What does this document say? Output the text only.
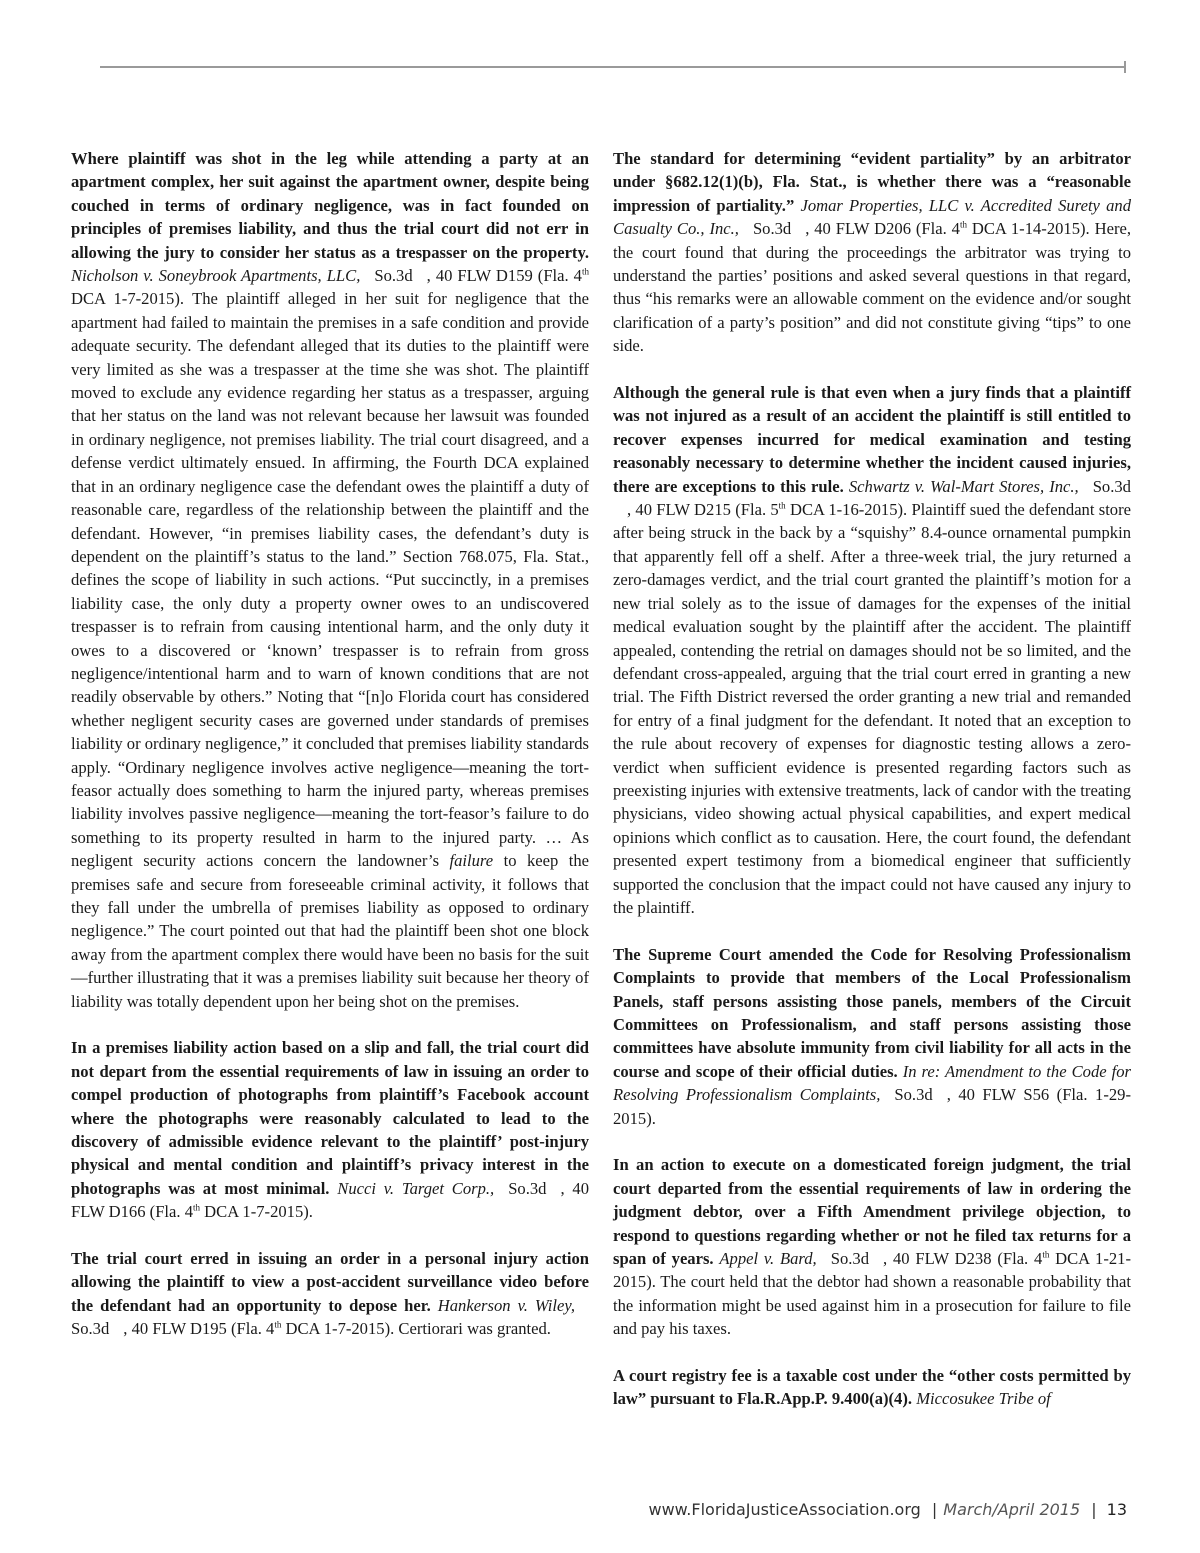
Where plaintiff was shot in the leg while attending a party at an apartment complex, her suit against the apartment owner, despite being couched in terms of ordinary negligence, was in fact founded on principles of premises liability, and thus the trial court did not err in allowing the jury to consider her status as a trespasser on the property. Nicholson v. Soneybrook Apartments, LLC, So.3d , 40 FLW D159 (Fla. 4th DCA 1-7-2015). The plaintiff alleged in her suit for negligence that the apartment had failed to maintain the premises in a safe condition and provide adequate security. The defendant alleged that its duties to the plaintiff were very limited as she was a trespasser at the time she was shot. The plaintiff moved to exclude any evidence regarding her status as a trespasser, arguing that her status on the land was not relevant because her lawsuit was founded in ordinary negligence, not premises liability. The trial court disagreed, and a defense verdict ultimately ensued. In affirming, the Fourth DCA explained that in an ordinary negligence case the defendant owes the plaintiff a duty of reasonable care, regardless of the relationship between the plaintiff and the defendant. However, “in premises liability cases, the defendant’s duty is dependent on the plaintiff’s status to the land.” Section 768.075, Fla. Stat., defines the scope of liability in such actions. “Put succinctly, in a premises liability case, the only duty a property owner owes to an undiscovered trespasser is to refrain from causing intentional harm, and the only duty it owes to a discovered or ‘known’ trespasser is to refrain from gross negligence/intentional harm and to warn of known conditions that are not readily observable by others.” Noting that “[n]o Florida court has considered whether negligent security cases are governed under standards of premises liability or ordinary negligence,” it concluded that premises liability standards apply. “Ordinary negligence involves active negligence—meaning the tort-feasor actually does something to harm the injured party, whereas premises liability involves passive negligence—meaning the tort-feasor’s failure to do something to its property resulted in harm to the injured party. … As negligent security actions concern the landowner’s failure to keep the premises safe and secure from foreseeable criminal activity, it follows that they fall under the umbrella of premises liability as opposed to ordinary negligence.” The court pointed out that had the plaintiff been shot one block away from the apartment complex there would have been no basis for the suit—further illustrating that it was a premises liability suit because her theory of liability was totally dependent upon her being shot on the premises.

In a premises liability action based on a slip and fall, the trial court did not depart from the essential requirements of law in issuing an order to compel production of photographs from plaintiff’s Facebook account where the photographs were reasonably calculated to lead to the discovery of admissible evidence relevant to the plaintiff’ post-injury physical and mental condition and plaintiff’s privacy interest in the photographs was at most minimal. Nucci v. Target Corp., So.3d , 40 FLW D166 (Fla. 4th DCA 1-7-2015).

The trial court erred in issuing an order in a personal injury action allowing the plaintiff to view a post-accident surveillance video before the defendant had an opportunity to depose her. Hankerson v. Wiley,So.3d , 40 FLW D195 (Fla. 4th DCA 1-7-2015). Certiorari was granted.

The standard for determining “evident partiality” by an arbitrator under §682.12(1)(b), Fla. Stat., is whether there was a “reasonable impression of partiality.” Jomar Properties, LLC v. Accredited Surety and Casualty Co., Inc., So.3d , 40 FLW D206 (Fla. 4th DCA 1-14-2015). Here, the court found that during the proceedings the arbitrator was trying to understand the parties’ positions and asked several questions in that regard, thus “his remarks were an allowable comment on the evidence and/or sought clarification of a party’s position” and did not constitute giving “tips” to one side.

Although the general rule is that even when a jury finds that a plaintiff was not injured as a result of an accident the plaintiff is still entitled to recover expenses incurred for medical examination and testing reasonably necessary to determine whether the incident caused injuries, there are exceptions to this rule. Schwartz v. Wal-Mart Stores, Inc., So.3d, 40 FLW D215 (Fla. 5th DCA 1-16-2015). Plaintiff sued the defendant store after being struck in the back by a “squishy” 8.4-ounce ornamental pumpkin that apparently fell off a shelf. After a three-week trial, the jury returned a zero-damages verdict, and the trial court granted the plaintiff’s motion for a new trial solely as to the issue of damages for the expenses of the initial medical evaluation sought by the plaintiff after the accident. The plaintiff appealed, contending the retrial on damages should not be so limited, and the defendant cross-appealed, arguing that the trial court erred in granting a new trial. The Fifth District reversed the order granting a new trial and remanded for entry of a final judgment for the defendant. It noted that an exception to the rule about recovery of expenses for diagnostic testing allows a zero-verdict when sufficient evidence is presented regarding factors such as preexisting injuries with extensive treatments, lack of candor with the treating physicians, video showing actual physical capabilities, and expert medical opinions which conflict as to causation. Here, the court found, the defendant presented expert testimony from a biomedical engineer that sufficiently supported the conclusion that the impact could not have caused any injury to the plaintiff.

The Supreme Court amended the Code for Resolving Professionalism Complaints to provide that members of the Local Professionalism Panels, staff persons assisting those panels, members of the Circuit Committees on Professionalism, and staff persons assisting those committees have absolute immunity from civil liability for all acts in the course and scope of their official duties. In re: Amendment to the Code for Resolving Professionalism Complaints, So.3d , 40 FLW S56 (Fla. 1-29-2015).

In an action to execute on a domesticated foreign judgment, the trial court departed from the essential requirements of law in ordering the judgment debtor, over a Fifth Amendment privilege objection, to respond to questions regarding whether or not he filed tax returns for a span of years. Appel v. Bard, So.3d , 40 FLW D238 (Fla. 4th DCA 1-21-2015). The court held that the debtor had shown a reasonable probability that the information might be used against him in a prosecution for failure to file and pay his taxes.

A court registry fee is a taxable cost under the “other costs permitted by law” pursuant to Fla.R.App.P. 9.400(a)(4). Miccosukee Tribe of

www.FloridaJusticeAssociation.org | March/April 2015 | 13
